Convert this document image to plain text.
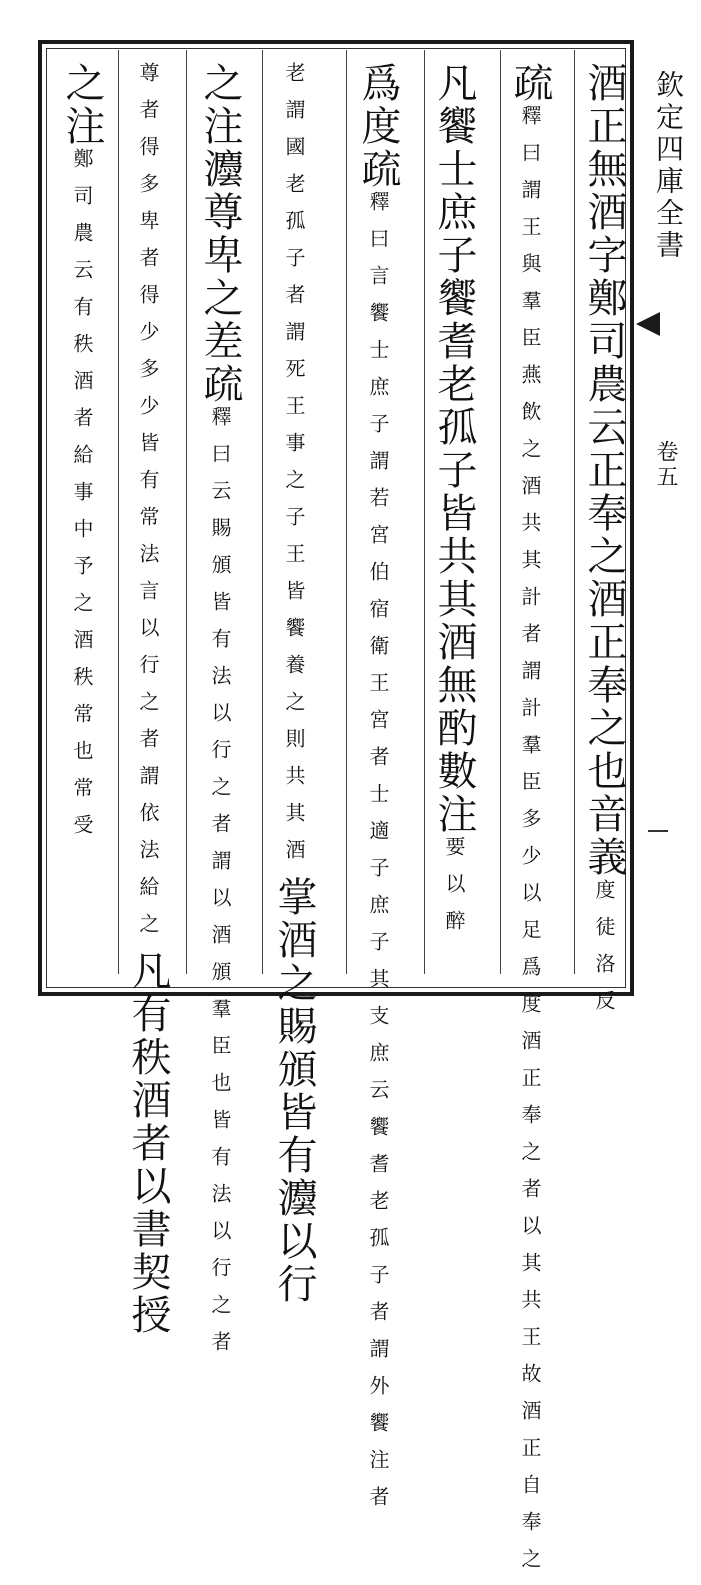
欽定四庫全書
卷五
酒正無酒字鄭司農云正奉之酒正奉之也音義度徒洛反
疏釋曰謂王與羣臣燕飲之酒共其計者謂計羣臣多少以足爲度酒正奉之者以其共王故酒正自奉之
凡饗士庶子饗耆老孤子皆共其酒無酌數注要以醉
爲度疏釋曰言饗士庶子謂若宮伯宿衛王宮者士適子庶子其支庶云饗耆老孤子者謂外饗注者
老謂國老孤子者謂死王事之子王皆饗養之則共其酒掌酒之賜頒皆有灋以行
之注灋尊卑之差疏釋曰云賜頒皆有法以行之者謂以酒頒羣臣也皆有法以行之者
尊者得多卑者得少多少皆有常法言以行之者謂依法給之凡有秩酒者以書契授
之注鄭司農云有秩酒者給事中予之酒秩常也常受
